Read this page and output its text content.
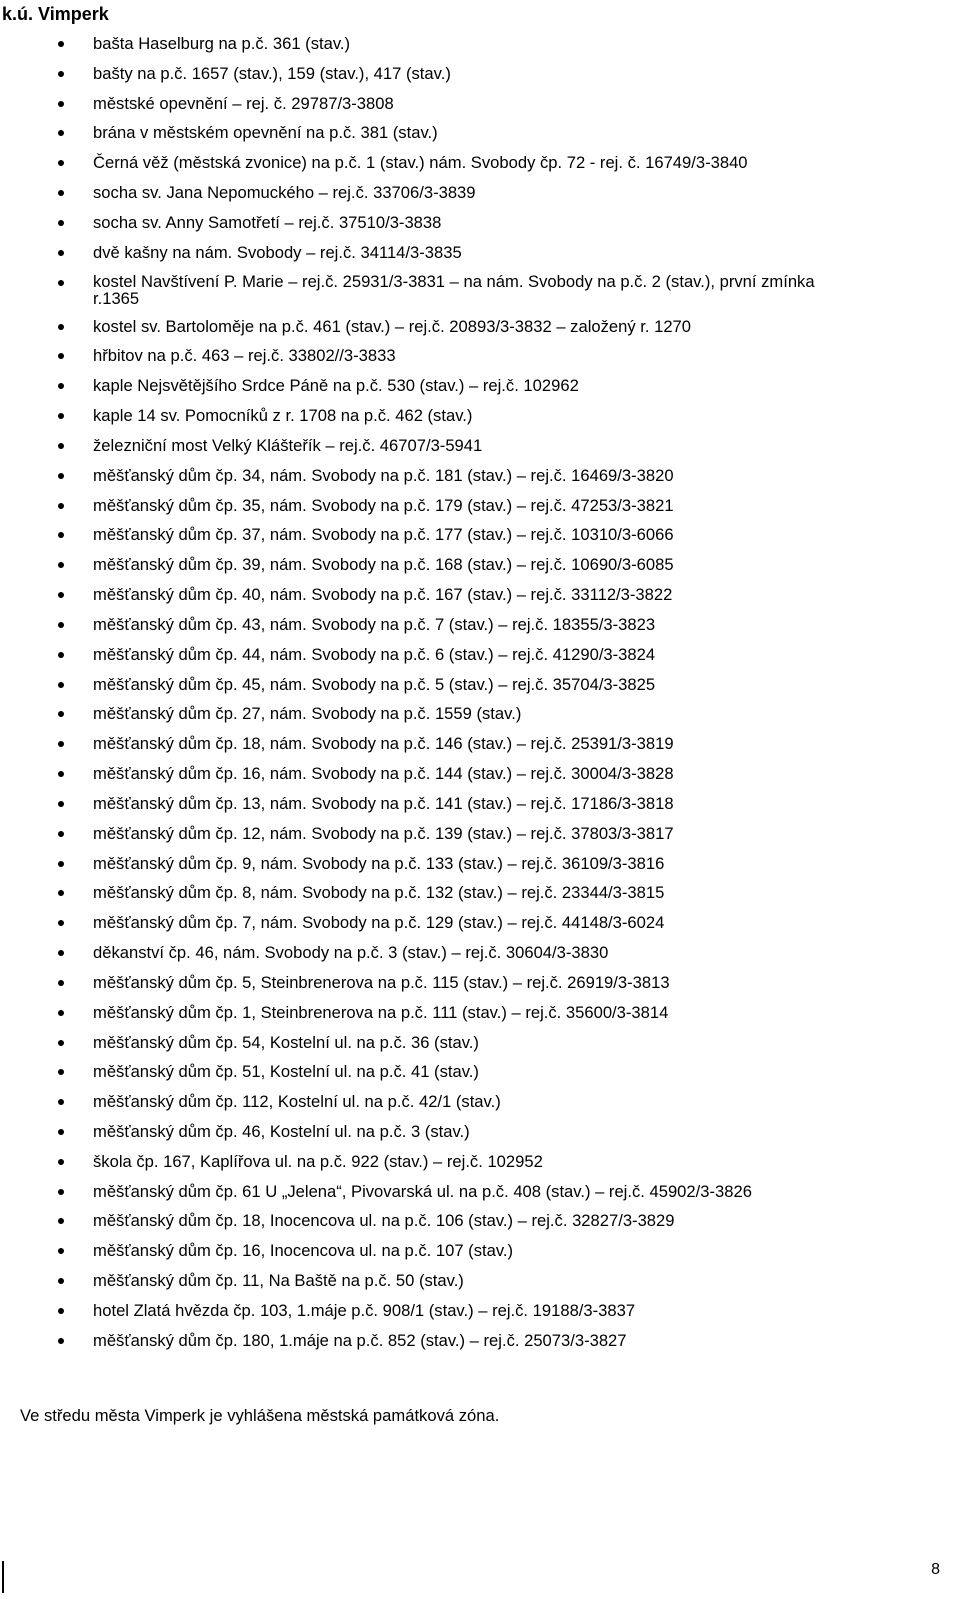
k.ú. Vimperk
bašta Haselburg na p.č. 361 (stav.)
bašty na p.č. 1657 (stav.), 159 (stav.), 417 (stav.)
městské opevnění – rej. č. 29787/3-3808
brána v městském opevnění na p.č. 381 (stav.)
Černá věž (městská zvonice) na p.č. 1 (stav.) nám. Svobody čp. 72 - rej. č. 16749/3-3840
socha sv. Jana Nepomuckého – rej.č. 33706/3-3839
socha sv. Anny Samotřetí – rej.č. 37510/3-3838
dvě kašny na nám. Svobody – rej.č. 34114/3-3835
kostel Navštívení P. Marie – rej.č. 25931/3-3831 – na nám. Svobody na p.č. 2 (stav.), první zmínka r.1365
kostel sv. Bartoloměje na p.č. 461 (stav.) – rej.č. 20893/3-3832 – založený r. 1270
hřbitov na p.č. 463 – rej.č. 33802//3-3833
kaple Nejsvětějšího Srdce Páně na p.č. 530 (stav.) – rej.č. 102962
kaple 14 sv. Pomocníků z r. 1708 na p.č. 462 (stav.)
železniční most Velký Klášteřík – rej.č. 46707/3-5941
měšťanský dům čp. 34, nám. Svobody na p.č. 181 (stav.) – rej.č. 16469/3-3820
měšťanský dům čp. 35, nám. Svobody na p.č. 179 (stav.) – rej.č. 47253/3-3821
měšťanský dům čp. 37, nám. Svobody na p.č. 177 (stav.) – rej.č. 10310/3-6066
měšťanský dům čp. 39, nám. Svobody na p.č. 168 (stav.) – rej.č. 10690/3-6085
měšťanský dům čp. 40, nám. Svobody na p.č. 167 (stav.) – rej.č. 33112/3-3822
měšťanský dům čp. 43, nám. Svobody na p.č. 7 (stav.) – rej.č. 18355/3-3823
měšťanský dům čp. 44, nám. Svobody na p.č. 6 (stav.) – rej.č. 41290/3-3824
měšťanský dům čp. 45, nám. Svobody na p.č. 5 (stav.) – rej.č. 35704/3-3825
měšťanský dům čp. 27, nám. Svobody na p.č. 1559 (stav.)
měšťanský dům čp. 18, nám. Svobody na p.č. 146 (stav.) – rej.č. 25391/3-3819
měšťanský dům čp. 16, nám. Svobody na p.č. 144 (stav.) – rej.č. 30004/3-3828
měšťanský dům čp. 13, nám. Svobody na p.č. 141 (stav.) – rej.č. 17186/3-3818
měšťanský dům čp. 12, nám. Svobody na p.č. 139 (stav.) – rej.č. 37803/3-3817
měšťanský dům čp. 9, nám. Svobody na p.č. 133 (stav.) – rej.č. 36109/3-3816
měšťanský dům čp. 8, nám. Svobody na p.č. 132 (stav.) – rej.č. 23344/3-3815
měšťanský dům čp. 7, nám. Svobody na p.č. 129 (stav.) – rej.č. 44148/3-6024
děkanství čp. 46, nám. Svobody na p.č. 3 (stav.) – rej.č. 30604/3-3830
měšťanský dům čp. 5, Steinbrenerova na p.č. 115 (stav.) – rej.č. 26919/3-3813
měšťanský dům čp. 1, Steinbrenerova na p.č. 111 (stav.) – rej.č. 35600/3-3814
měšťanský dům čp. 54, Kostelní ul. na p.č. 36 (stav.)
měšťanský dům čp. 51, Kostelní ul. na p.č. 41 (stav.)
měšťanský dům čp. 112, Kostelní ul. na p.č. 42/1 (stav.)
měšťanský dům čp. 46, Kostelní ul. na p.č. 3 (stav.)
škola čp. 167, Kaplířova ul. na p.č. 922 (stav.) – rej.č. 102952
měšťanský dům čp. 61 U „Jelena“, Pivovarská ul. na p.č. 408 (stav.) – rej.č. 45902/3-3826
měšťanský dům čp. 18, Inocencova ul. na p.č. 106 (stav.) – rej.č. 32827/3-3829
měšťanský dům čp. 16, Inocencova ul. na p.č. 107 (stav.)
měšťanský dům čp. 11, Na Baště na p.č. 50 (stav.)
hotel Zlatá hvězda čp. 103, 1.máje p.č. 908/1 (stav.) – rej.č. 19188/3-3837
měšťanský dům čp. 180, 1.máje na p.č. 852 (stav.) – rej.č. 25073/3-3827
Ve středu města Vimperk je vyhlášena městská památková zóna.
8
